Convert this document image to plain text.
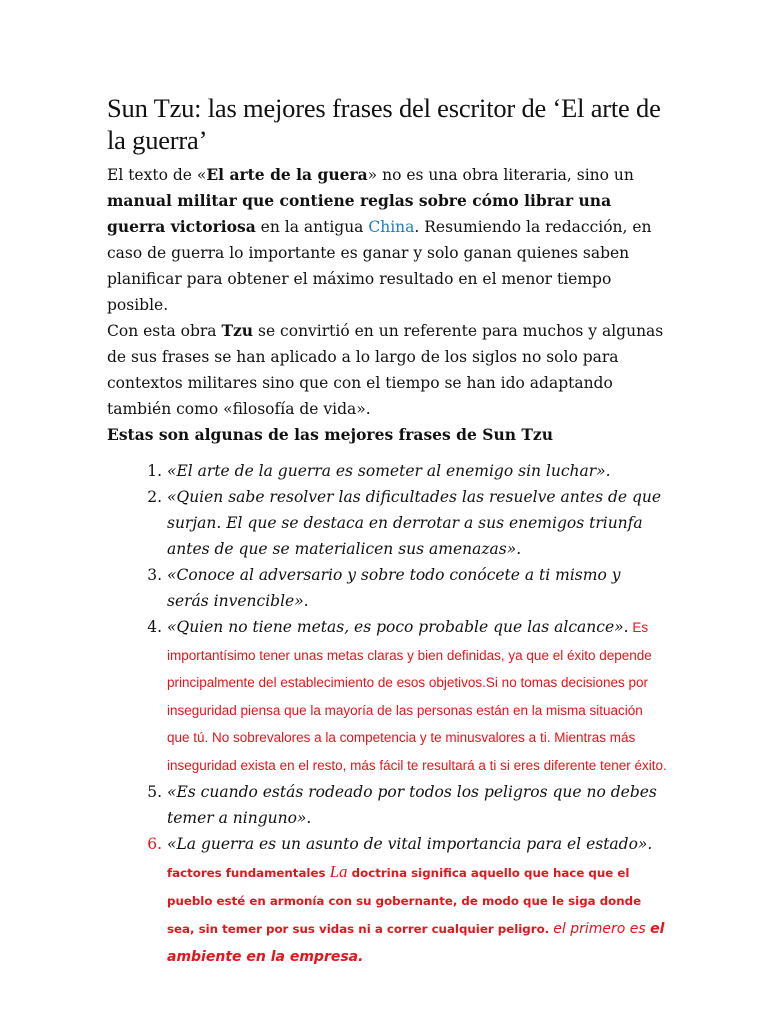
Sun Tzu: las mejores frases del escritor de ‘El arte de la guerra’

El texto de «El arte de la guera» no es una obra literaria, sino un manual militar que contiene reglas sobre cómo librar una guerra victoriosa en la antigua China. Resumiendo la redacción, en caso de guerra lo importante es ganar y solo ganan quienes saben planificar para obtener el máximo resultado en el menor tiempo posible.

Con esta obra Tzu se convirtió en un referente para muchos y algunas de sus frases se han aplicado a lo largo de los siglos no solo para contextos militares sino que con el tiempo se han ido adaptando también como «filosofía de vida».

Estas son algunas de las mejores frases de Sun Tzu

1. «El arte de la guerra es someter al enemigo sin luchar».
2. «Quien sabe resolver las dificultades las resuelve antes de que surjan. El que se destaca en derrotar a sus enemigos triunfa antes de que se materialicen sus amenazas».
3. «Conoce al adversario y sobre todo conócete a ti mismo y serás invencible».
4. «Quien no tiene metas, es poco probable que las alcance». Es importantísimo tener unas metas claras y bien definidas, ya que el éxito depende principalmente del establecimiento de esos objetivos.Si no tomas decisiones por inseguridad piensa que la mayoría de las personas están en la misma situación que tú. No sobrevalores a la competencia y te minusvalores a ti. Mientras más inseguridad exista en el resto, más fácil te resultará a ti si eres diferente tener éxito.
5. «Es cuando estás rodeado por todos los peligros que no debes temer a ninguno».
6. «La guerra es un asunto de vital importancia para el estado». factores fundamentales La doctrina significa aquello que hace que el pueblo esté en armonía con su gobernante, de modo que le siga donde sea, sin temer por sus vidas ni a correr cualquier peligro. el primero es el ambiente en la empresa.
